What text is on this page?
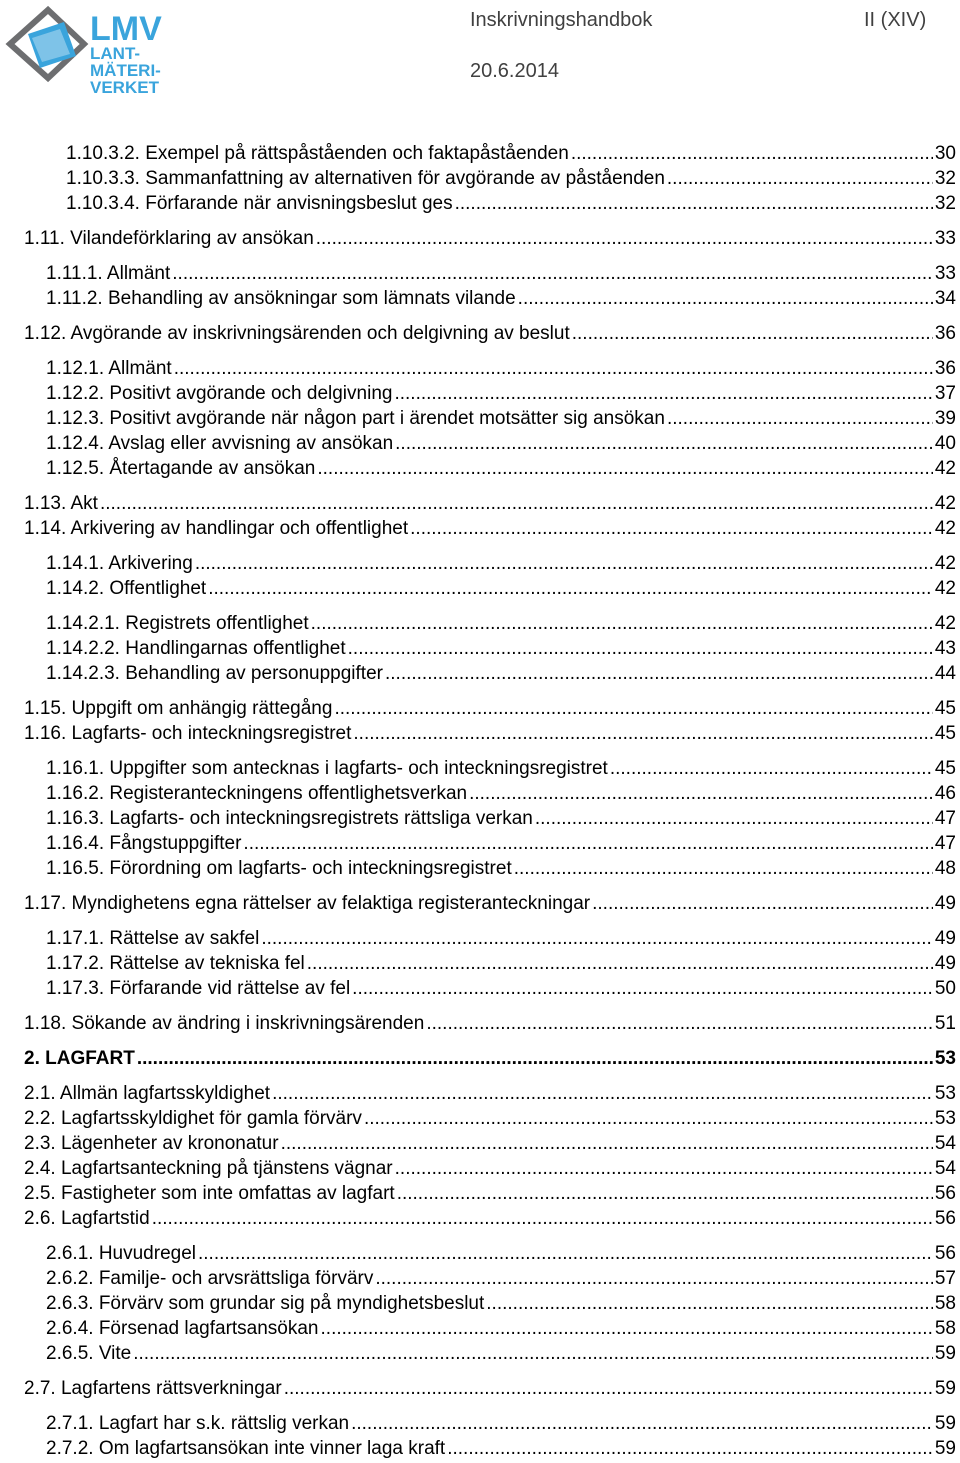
LMV
LANT-
MÄTERI-
VERKET
Inskrivningshandbok	II (XIV)
20.6.2014
1.10.3.2. Exempel på rättspåståenden och faktapåståenden .....	30
1.10.3.3. Sammanfattning av alternativen för avgörande av påståenden .....	32
1.10.3.4. Förfarande när anvisningsbeslut ges .....	32
1.11. Vilandeförklaring av ansökan .....	33
1.11.1. Allmänt .....	33
1.11.2. Behandling av ansökningar som lämnats vilande .....	34
1.12. Avgörande av inskrivningsärenden och delgivning av beslut .....	36
1.12.1. Allmänt .....	36
1.12.2. Positivt avgörande och delgivning .....	37
1.12.3. Positivt avgörande när någon part i ärendet motsätter sig ansökan .....	39
1.12.4. Avslag eller avvisning av ansökan .....	40
1.12.5. Återtagande av ansökan .....	42
1.13. Akt .....	42
1.14. Arkivering av handlingar och offentlighet .....	42
1.14.1. Arkivering .....	42
1.14.2. Offentlighet .....	42
1.14.2.1. Registrets offentlighet .....	42
1.14.2.2. Handlingarnas offentlighet .....	43
1.14.2.3. Behandling av personuppgifter .....	44
1.15. Uppgift om anhängig rättegång .....	45
1.16. Lagfarts- och inteckningsregistret .....	45
1.16.1. Uppgifter som antecknas i lagfarts- och inteckningsregistret .....	45
1.16.2. Registeranteckningens offentlighetsverkan .....	46
1.16.3. Lagfarts- och inteckningsregistrets rättsliga verkan .....	47
1.16.4. Fångstuppgifter .....	47
1.16.5. Förordning om lagfarts- och inteckningsregistret .....	48
1.17. Myndighetens egna rättelser av felaktiga registeranteckningar .....	49
1.17.1. Rättelse av sakfel .....	49
1.17.2. Rättelse av tekniska fel .....	49
1.17.3. Förfarande vid rättelse av fel .....	50
1.18. Sökande av ändring i inskrivningsärenden .....	51
2. LAGFART .....	53
2.1. Allmän lagfartsskyldighet .....	53
2.2. Lagfartsskyldighet för gamla förvärv .....	53
2.3. Lägenheter av krononatur .....	54
2.4. Lagfartsanteckning på tjänstens vägnar .....	54
2.5. Fastigheter som inte omfattas av lagfart .....	56
2.6. Lagfartstid .....	56
2.6.1. Huvudregel .....	56
2.6.2. Familje- och arvsrättsliga förvärv .....	57
2.6.3. Förvärv som grundar sig på myndighetsbeslut .....	58
2.6.4. Försenad lagfartsansökan .....	58
2.6.5. Vite .....	59
2.7. Lagfartens rättsverkningar .....	59
2.7.1. Lagfart har s.k. rättslig verkan .....	59
2.7.2. Om lagfartsansökan inte vinner laga kraft .....	59
